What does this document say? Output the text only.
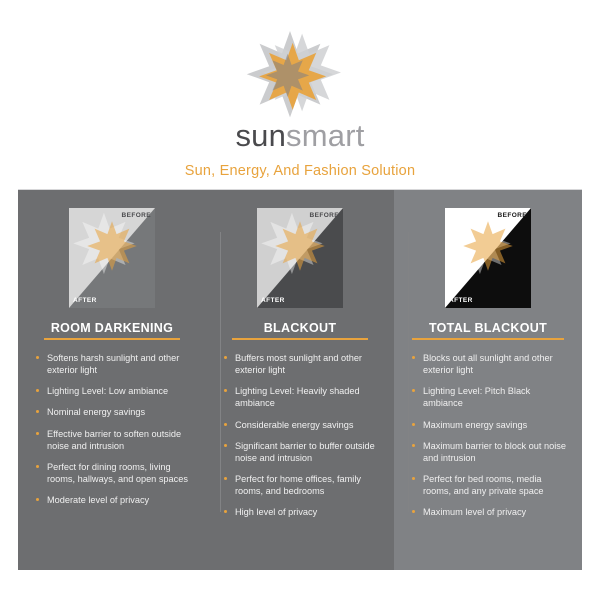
sunsmart
Sun, Energy, And Fashion Solution
BEFORE
AFTER
ROOM DARKENING
Softens harsh sunlight and other exterior light
Lighting Level: Low ambiance
Nominal energy savings
Effective barrier to soften outside noise and intrusion
Perfect for dining rooms, living rooms, hallways, and open spaces
Moderate level of privacy
BEFORE
AFTER
BLACKOUT
Buffers most sunlight and other exterior light
Lighting Level: Heavily shaded ambiance
Considerable energy savings
Significant barrier to buffer outside noise and intrusion
Perfect for home offices, family rooms, and bedrooms
High level of privacy
BEFORE
AFTER
TOTAL BLACKOUT
Blocks out all sunlight and other exterior light
Lighting Level: Pitch Black ambiance
Maximum energy savings
Maximum barrier to block out noise and intrusion
Perfect for bed rooms, media rooms, and any private space
Maximum level of privacy
